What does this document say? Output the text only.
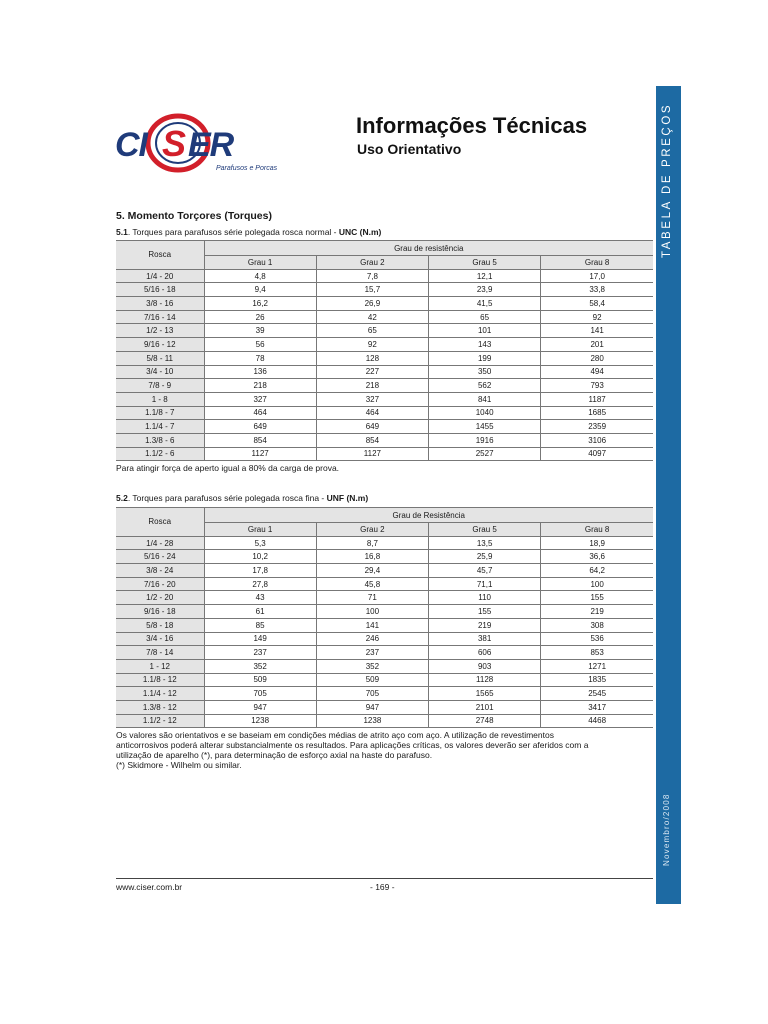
TABELA DE PREÇOS
Novembro/2008
CI S ER
Parafusos e Porcas
Informações Técnicas
Uso Orientativo
5. Momento Torçores (Torques)
5.1. Torques para parafusos série polegada rosca normal - UNC (N.m)
Rosca	Grau de resistência			
	Grau 1	Grau 2	Grau 5	Grau 8
1/4 - 20	4,8	7,8	12,1	17,0
5/16 - 18	9,4	15,7	23,9	33,8
3/8 - 16	16,2	26,9	41,5	58,4
7/16 - 14	26	42	65	92
1/2 - 13	39	65	101	141
9/16 - 12	56	92	143	201
5/8 - 11	78	128	199	280
3/4 - 10	136	227	350	494
7/8 - 9	218	218	562	793
1 - 8	327	327	841	1187
1.1/8 - 7	464	464	1040	1685
1.1/4 - 7	649	649	1455	2359
1.3/8 - 6	854	854	1916	3106
1.1/2 - 6	1127	1127	2527	4097
Para atingir força de aperto igual a 80% da carga de prova.
5.2. Torques para parafusos série polegada rosca fina - UNF (N.m)
Rosca	Grau de Resistência			
	Grau 1	Grau 2	Grau 5	Grau 8
1/4 - 28	5,3	8,7	13,5	18,9
5/16 - 24	10,2	16,8	25,9	36,6
3/8 - 24	17,8	29,4	45,7	64,2
7/16 - 20	27,8	45,8	71,1	100
1/2 - 20	43	71	110	155
9/16 - 18	61	100	155	219
5/8 - 18	85	141	219	308
3/4 - 16	149	246	381	536
7/8 - 14	237	237	606	853
1 - 12	352	352	903	1271
1.1/8 - 12	509	509	1128	1835
1.1/4 - 12	705	705	1565	2545
1.3/8 - 12	947	947	2101	3417
1.1/2 - 12	1238	1238	2748	4468
Os valores são orientativos e se baseiam em condições médias de atrito aço com aço. A utilização de revestimentos
anticorrosivos poderá alterar substancialmente os resultados. Para aplicações críticas, os valores deverão ser aferidos com a
utilização de aparelho (*), para determinação de esforço axial na haste do parafuso.
(*) Skidmore - Wilhelm ou similar.
www.ciser.com.br	- 169 -
